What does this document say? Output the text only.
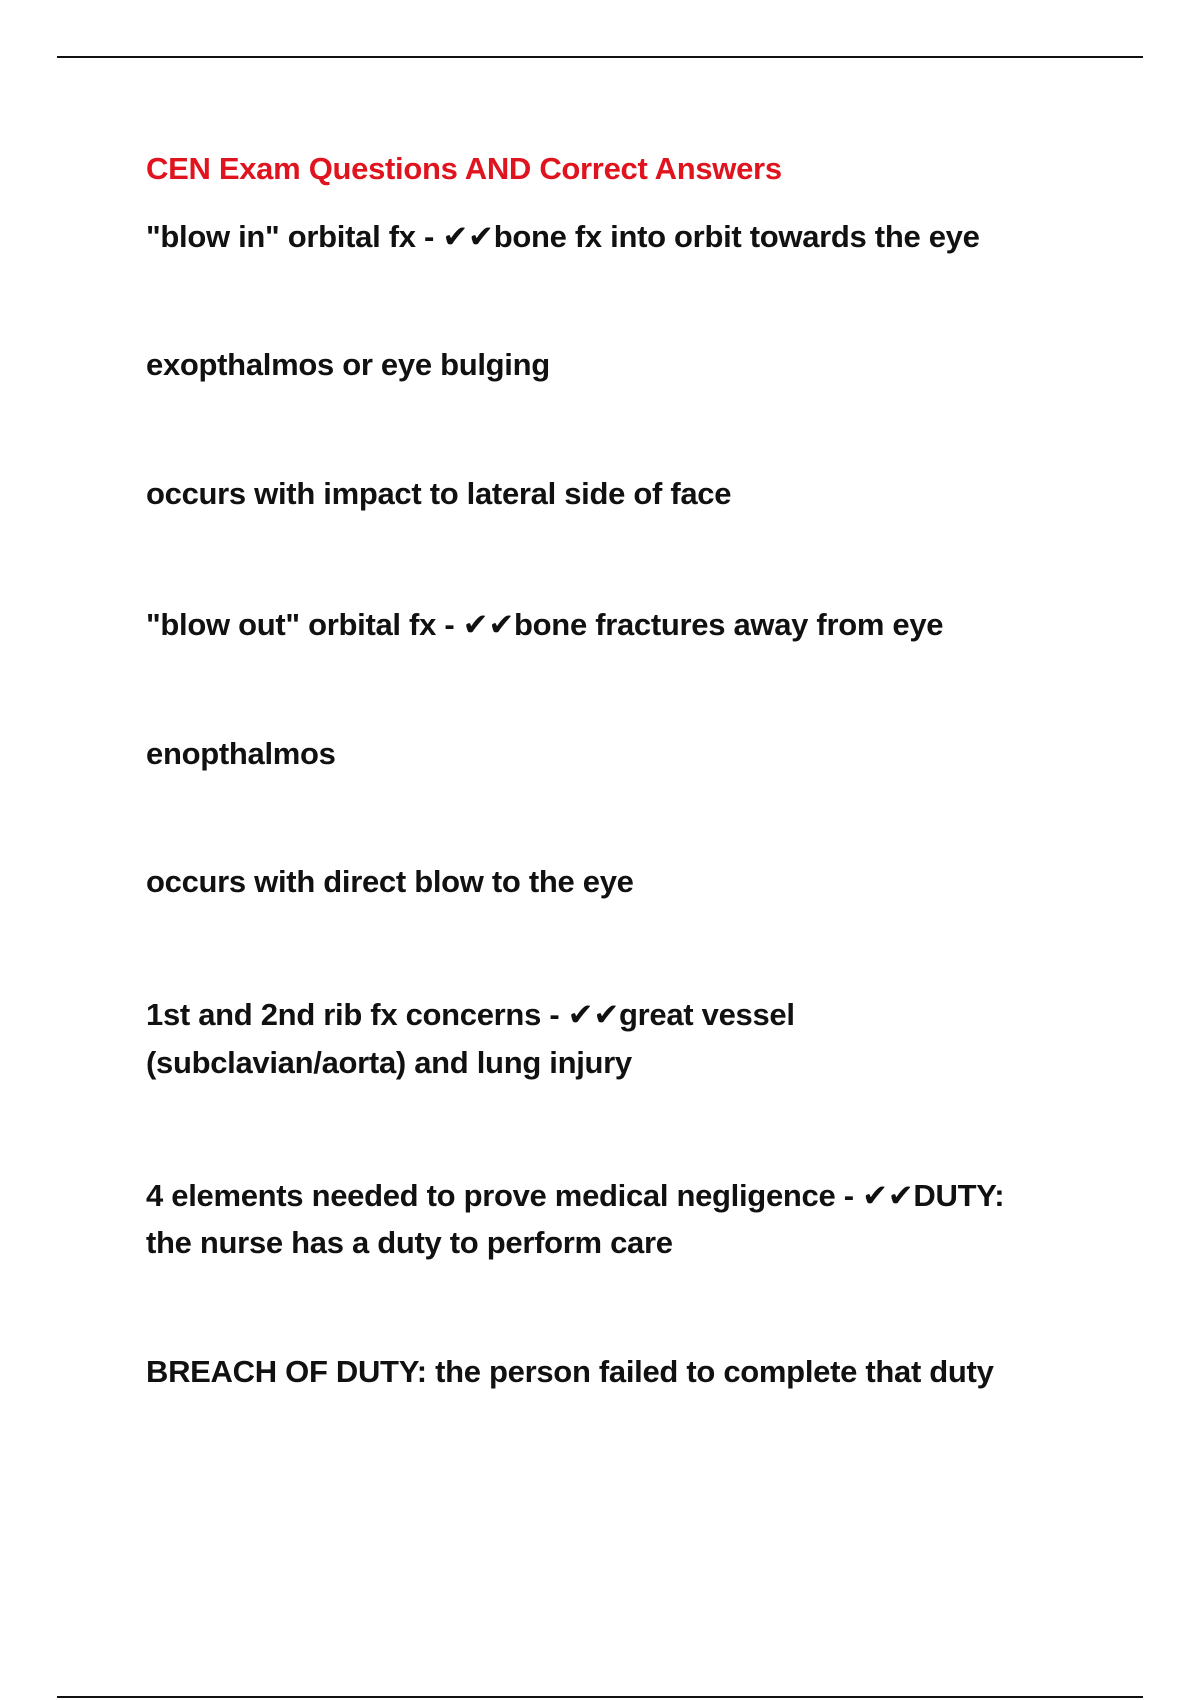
CEN Exam Questions AND Correct Answers
"blow in" orbital fx - ✔✔bone fx into orbit towards the eye
exopthalmos or eye bulging
occurs with impact to lateral side of face
"blow out" orbital fx - ✔✔bone fractures away from eye
enopthalmos
occurs with direct blow to the eye
1st and 2nd rib fx concerns - ✔✔great vessel
(subclavian/aorta) and lung injury
4 elements needed to prove medical negligence - ✔✔DUTY:
the nurse has a duty to perform care
BREACH OF DUTY: the person failed to complete that duty
